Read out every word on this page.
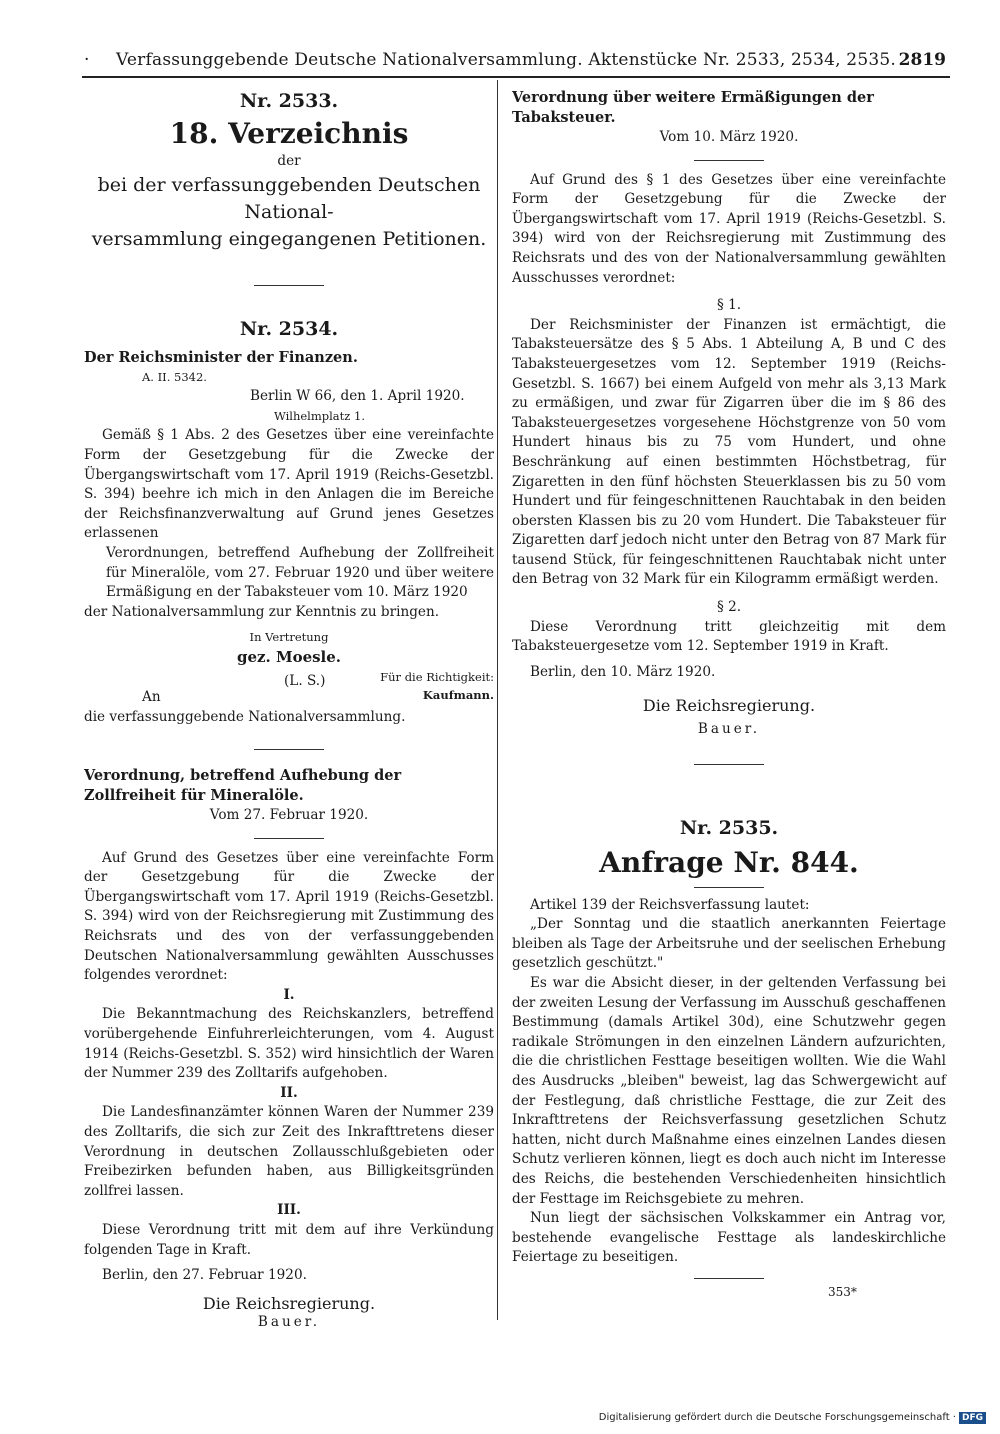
· Verfassunggebende Deutsche Nationalversammlung. Aktenstücke Nr. 2533, 2534, 2535. 2819
Nr. 2533.
18. Verzeichnis
der
bei der verfassunggebenden Deutschen National-
versammlung eingegangenen Petitionen.
Nr. 2534.
Der Reichsminister der Finanzen.
A. II. 5342.
Berlin W 66, den 1. April 1920.
Wilhelmplatz 1.
Gemäß § 1 Abs. 2 des Gesetzes über eine vereinfachte Form der Gesetzgebung für die Zwecke der Übergangswirtschaft vom 17. April 1919 (Reichs-Gesetzbl. S. 394) beehre ich mich in den Anlagen die im Bereiche der Reichsfinanzverwaltung auf Grund jenes Gesetzes erlassenen
Verordnungen, betreffend Aufhebung der Zollfreiheit für Mineralöle, vom 27. Februar 1920 und über weitere Ermäßigung en der Tabaksteuer vom 10. März 1920
der Nationalversammlung zur Kenntnis zu bringen.
In Vertretung
gez. Moesle.
(L. S.)	Für die Richtigkeit:
Kaufmann.
An
die verfassunggebende Nationalversammlung.
Verordnung, betreffend Aufhebung der Zollfreiheit für Mineralöle.
Vom 27. Februar 1920.
Auf Grund des Gesetzes über eine vereinfachte Form der Gesetzgebung für die Zwecke der Übergangswirtschaft vom 17. April 1919 (Reichs-Gesetzbl. S. 394) wird von der Reichsregierung mit Zustimmung des Reichsrats und des von der verfassunggebenden Deutschen Nationalversammlung gewählten Ausschusses folgendes verordnet:
I.
Die Bekanntmachung des Reichskanzlers, betreffend vorübergehende Einfuhrerleichterungen, vom 4. August 1914 (Reichs-Gesetzbl. S. 352) wird hinsichtlich der Waren der Nummer 239 des Zolltarifs aufgehoben.
II.
Die Landesfinanzämter können Waren der Nummer 239 des Zolltarifs, die sich zur Zeit des Inkrafttretens dieser Verordnung in deutschen Zollausschlußgebieten oder Freibezirken befunden haben, aus Billigkeitsgründen zollfrei lassen.
III.
Diese Verordnung tritt mit dem auf ihre Verkündung folgenden Tage in Kraft.
Berlin, den 27. Februar 1920.
Die Reichsregierung.
Bauer.
Verordnung über weitere Ermäßigungen der Tabaksteuer.
Vom 10. März 1920.
Auf Grund des § 1 des Gesetzes über eine vereinfachte Form der Gesetzgebung für die Zwecke der Übergangswirtschaft vom 17. April 1919 (Reichs-Gesetzbl. S. 394) wird von der Reichsregierung mit Zustimmung des Reichsrats und des von der Nationalversammlung gewählten Ausschusses verordnet:
§ 1.
Der Reichsminister der Finanzen ist ermächtigt, die Tabaksteuersätze des § 5 Abs. 1 Abteilung A, B und C des Tabaksteuergesetzes vom 12. September 1919 (Reichs-Gesetzbl. S. 1667) bei einem Aufgeld von mehr als 3,13 Mark zu ermäßigen, und zwar für Zigarren über die im § 86 des Tabaksteuergesetzes vorgesehene Höchstgrenze von 50 vom Hundert hinaus bis zu 75 vom Hundert, und ohne Beschränkung auf einen bestimmten Höchstbetrag, für Zigaretten in den fünf höchsten Steuerklassen bis zu 50 vom Hundert und für feingeschnittenen Rauchtabak in den beiden obersten Klassen bis zu 20 vom Hundert. Die Tabaksteuer für Zigaretten darf jedoch nicht unter den Betrag von 87 Mark für tausend Stück, für feingeschnittenen Rauchtabak nicht unter den Betrag von 32 Mark für ein Kilogramm ermäßigt werden.
§ 2.
Diese Verordnung tritt gleichzeitig mit dem Tabaksteuergesetze vom 12. September 1919 in Kraft.
Berlin, den 10. März 1920.
Die Reichsregierung.
Bauer.
Nr. 2535.
Anfrage Nr. 844.
Artikel 139 der Reichsverfassung lautet:
„Der Sonntag und die staatlich anerkannten Feiertage bleiben als Tage der Arbeitsruhe und der seelischen Erhebung gesetzlich geschützt."
Es war die Absicht dieser, in der geltenden Verfassung bei der zweiten Lesung der Verfassung im Ausschuß geschaffenen Bestimmung (damals Artikel 30d), eine Schutzwehr gegen radikale Strömungen in den einzelnen Ländern aufzurichten, die die christlichen Festtage beseitigen wollten. Wie die Wahl des Ausdrucks „bleiben" beweist, lag das Schwergewicht auf der Festlegung, daß christliche Festtage, die zur Zeit des Inkrafttretens der Reichsverfassung gesetzlichen Schutz hatten, nicht durch Maßnahme eines einzelnen Landes diesen Schutz verlieren können, liegt es doch auch nicht im Interesse des Reichs, die bestehenden Verschiedenheiten hinsichtlich der Festtage im Reichsgebiete zu mehren.
Nun liegt der sächsischen Volkskammer ein Antrag vor, bestehende evangelische Festtage als landeskirchliche Feiertage zu beseitigen.
353*
Digitalisierung gefördert durch die Deutsche Forschungsgemeinschaft · DFG
